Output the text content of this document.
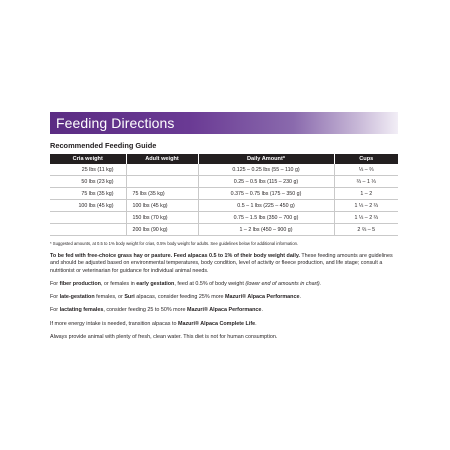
Feeding Directions
Recommended Feeding Guide
Cria weight	Adult weight	Daily Amount*	Cups
25 lbs (11 kg)		0.125 – 0.25 lbs (55 – 110 g)	⅓ – ⅔
50 lbs (23 kg)		0.25 – 0.5 lbs (115 – 230 g)	⅔ – 1 ⅓
75 lbs (35 kg)	75 lbs (35 kg)	0.375 – 0.75 lbs (175 – 350 g)	1 – 2
100 lbs (45 kg)	100 lbs (45 kg)	0.5 – 1 lbs (225 – 450 g)	1 ⅓ – 2 ⅔
	150 lbs (70 kg)	0.75 – 1.5 lbs (350 – 700 g)	1 ⅓ – 2 ⅔
	200 lbs (90 kg)	1 – 2 lbs (450 – 900 g)	2 ⅔ – 5
* Suggested amounts, at 0.5 to 1% body weight for crias, 0.5% body weight for adults. See guidelines below for additional information.
To be fed with free-choice grass hay or pasture. Feed alpacas 0.5 to 1% of their body weight daily. These feeding amounts are guidelines and should be adjusted based on environmental temperatures, body condition, level of activity or fleece production, and life stage; consult a nutritionist or veterinarian for guidance for individual animal needs.
For fiber production, or females in early gestation, feed at 0.5% of body weight (lower end of amounts in chart).
For late-gestation females, or Suri alpacas, consider feeding 25% more Mazuri® Alpaca Performance.
For lactating females, consider feeding 25 to 50% more Mazuri® Alpaca Performance.
If more energy intake is needed, transition alpacas to Mazuri® Alpaca Complete Life.
Always provide animal with plenty of fresh, clean water. This diet is not for human consumption.
